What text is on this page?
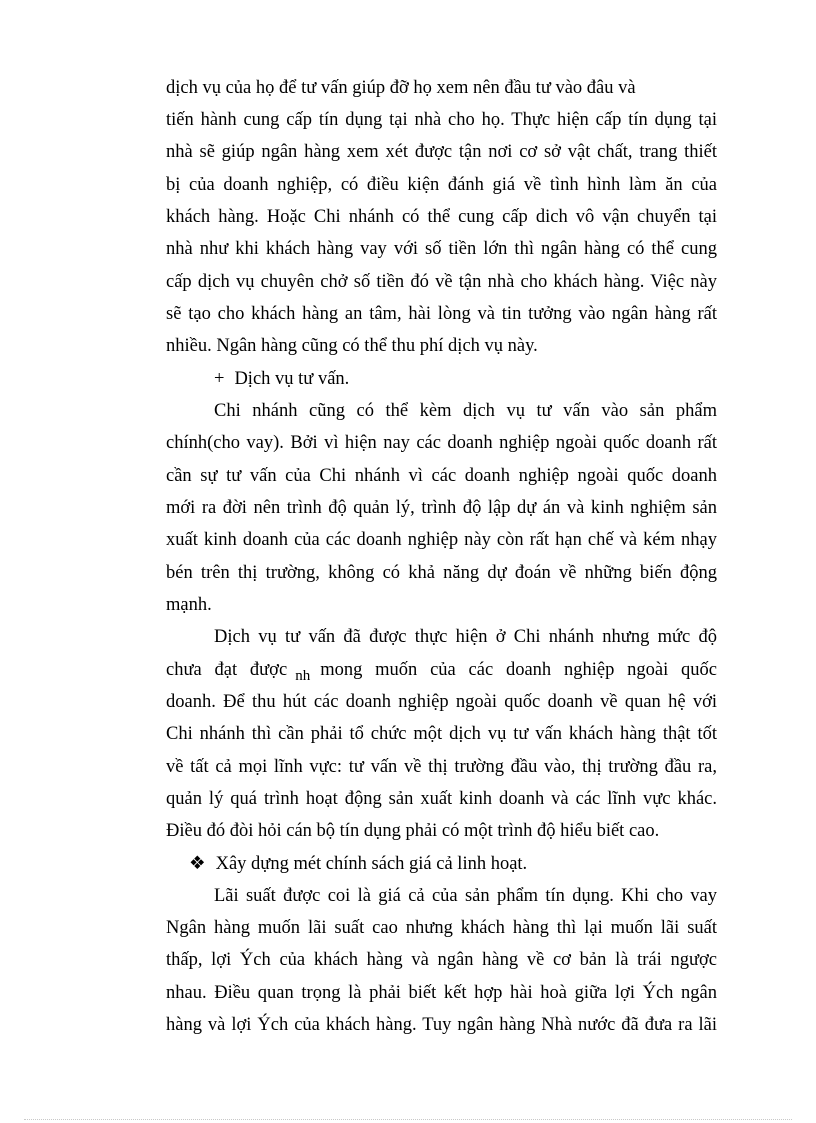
dịch vụ của họ để tư vấn giúp đỡ họ xem nên đầu tư vào đâu và
tiến hành cung cấp tín dụng tại nhà cho họ. Thực hiện cấp tín dụng tại
nhà sẽ giúp ngân hàng xem xét được tận nơi cơ sở vật chất, trang thiết
bị của doanh nghiệp, có điều kiện đánh giá về tình hình làm ăn của
khách hàng. Hoặc Chi nhánh có thể cung cấp dich vô vận chuyển tại
nhà như khi khách hàng vay với số tiền lớn thì ngân hàng có thể cung
cấp dịch vụ chuyên chở số tiền đó về tận nhà cho khách hàng. Việc này
sẽ tạo cho khách hàng an tâm, hài lòng và tin tưởng vào ngân hàng rất
nhiều. Ngân hàng cũng có thể thu phí dịch vụ này.
+ Dịch vụ tư vấn.
Chi nhánh cũng có thể kèm dịch vụ tư vấn vào sản phẩm
chính(cho vay). Bởi vì hiện nay các doanh nghiệp ngoài quốc doanh rất
cần sự tư vấn của Chi nhánh vì các doanh nghiệp ngoài quốc doanh
mới ra đời nên trình độ quản lý, trình độ lập dự án và kinh nghiệm sản
xuất kinh doanh của các doanh nghiệp này còn rất hạn chế và kém nhạy
bén trên thị trường, không có khả năng dự đoán về những biến động
mạnh.
Dịch vụ tư vấn đã được thực hiện ở Chi nhánh nhưng mức độ
chưa đạt được $_{nh}$ mong muốn của các doanh nghiệp ngoài quốc
doanh. Để thu hút các doanh nghiệp ngoài quốc doanh về quan hệ với
Chi nhánh thì cần phải tổ chức một dịch vụ tư vấn khách hàng thật tốt
về tất cả mọi lĩnh vực: tư vấn về thị trường đầu vào, thị trường đầu ra,
quản lý quá trình hoạt động sản xuất kinh doanh và các lĩnh vực khác.
Điều đó đòi hỏi cán bộ tín dụng phải có một trình độ hiểu biết cao.
❖ Xây dựng mét chính sách giá cả linh hoạt.
Lãi suất được coi là giá cả của sản phẩm tín dụng. Khi cho vay
Ngân hàng muốn lãi suất cao nhưng khách hàng thì lại muốn lãi suất
thấp, lợi Ých của khách hàng và ngân hàng về cơ bản là trái ngược
nhau. Điều quan trọng là phải biết kết hợp hài hoà giữa lợi Ých ngân
hàng và lợi Ých của khách hàng. Tuy ngân hàng Nhà nước đã đưa ra lãi
